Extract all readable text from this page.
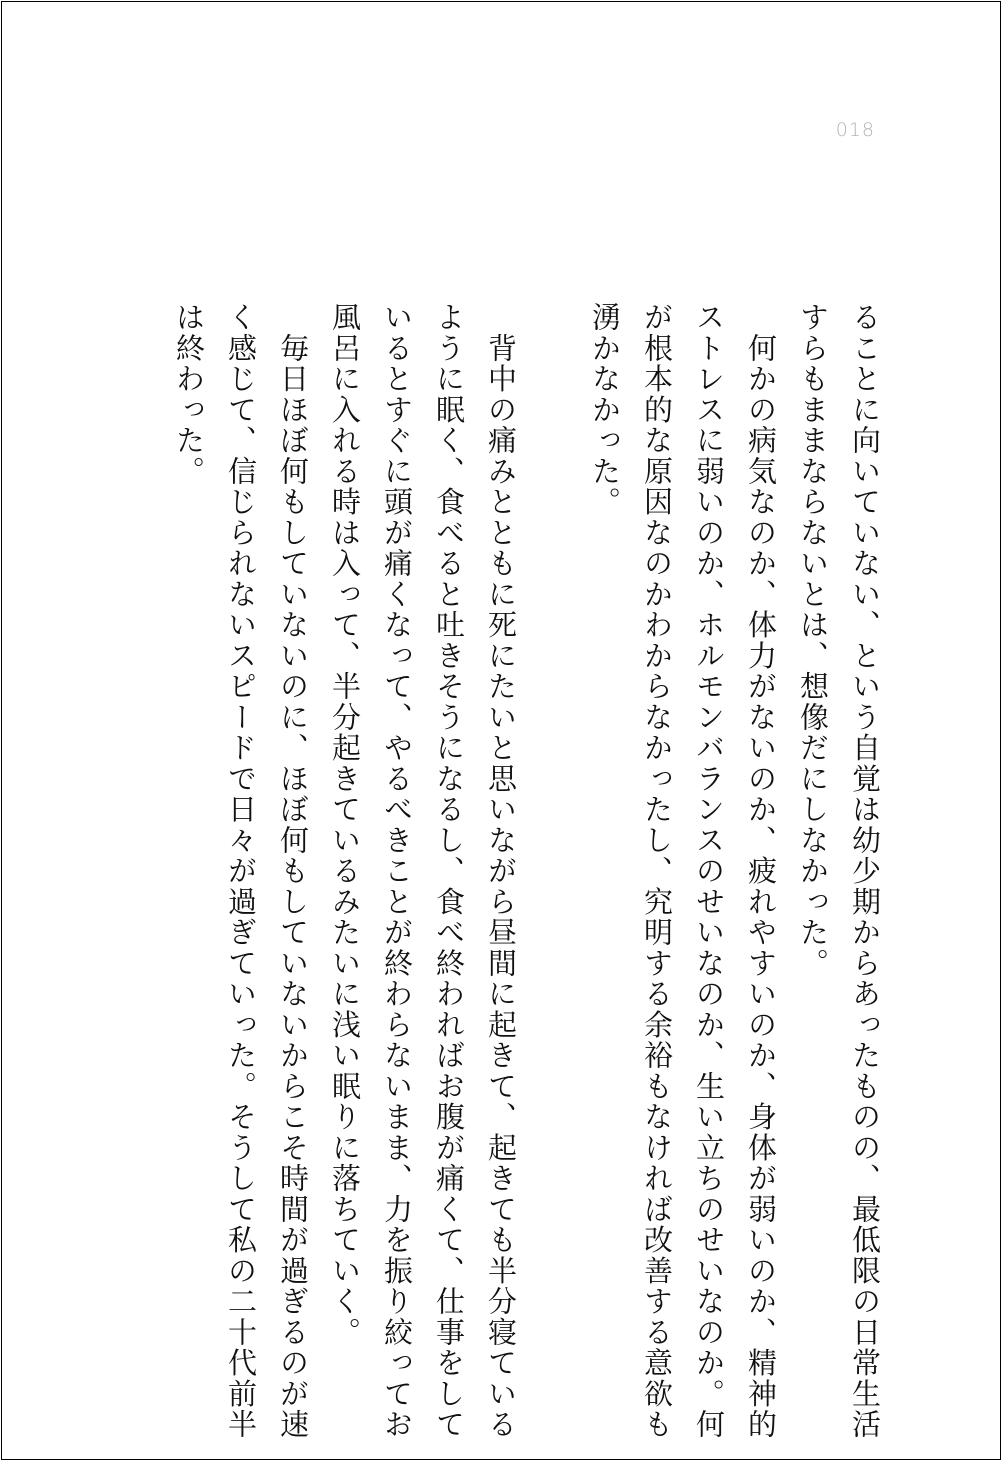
018
ることに向いていない、という自覚は幼少期からあったものの、最低限の日常生活
すらもままならないとは、想像だにしなかった。
　何かの病気なのか、体力がないのか、疲れやすいのか、身体が弱いのか、精神的
ストレスに弱いのか、ホルモンバランスのせいなのか、生い立ちのせいなのか。何
が根本的な原因なのかわからなかったし、究明する余裕もなければ改善する意欲も
湧かなかった。
　背中の痛みとともに死にたいと思いながら昼間に起きて、起きても半分寝ている
ように眠く、食べると吐きそうになるし、食べ終わればお腹が痛くて、仕事をして
いるとすぐに頭が痛くなって、やるべきことが終わらないまま、力を振り絞ってお
風呂に入れる時は入って、半分起きているみたいに浅い眠りに落ちていく。
　毎日ほぼ何もしていないのに、ほぼ何もしていないからこそ時間が過ぎるのが速
く感じて、信じられないスピードで日々が過ぎていった。そうして私の二十代前半
は終わった。
